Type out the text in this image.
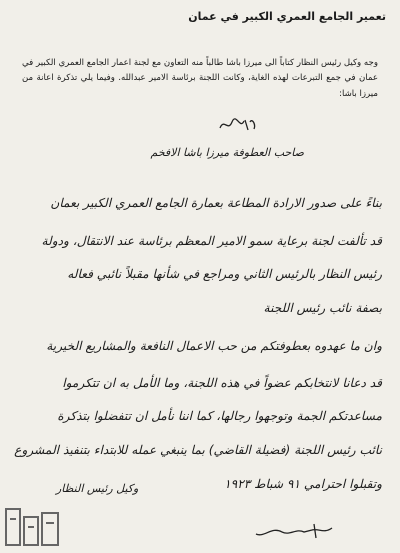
تعمير الجامع العمري الكبير في عمان
وجه وكيل رئيس النظار كتاباً الى ميرزا باشا طالباً منه التعاون مع لجنة اعمار الجامع العمري الكبير في عمان في جمع التبرعات لهذه الغاية، وكانت اللجنة برئاسة الامير عبدالله. وفيما يلي تذكرة اعانة من ميرزا باشا:
صاحب العطوفة ميرزا باشا الافخم
بناءً على صدور الارادة المطاعة بعمارة الجامع العمري الكبير بعمان
قد تألفت لجنة برعاية سمو الامير المعظم برئاسة عند الانتقال، ودولة
رئيس النظار بالرئيس الثاني ومراجع في شأنها مقبلاً نائبي فعاله
بصفة نائب رئيس اللجنة
وان ما عهدوه بعطوفتكم من حب الاعمال النافعة والمشاريع الخيرية
قد دعانا لانتخابكم عضواً في هذه اللجنة، وما الأمل به ان تتكرموا
مساعدتكم الجمة وتوجهوا رجالها، كما اننا نأمل ان تتفضلوا بتذكرة
نائب رئيس اللجنة (فضيلة القاضي) بما ينبغي عمله للابتداء بتنفيذ المشروع
وتقبلوا احترامي ٩١ شباط ١٩٢٣
وكيل رئيس النظار
